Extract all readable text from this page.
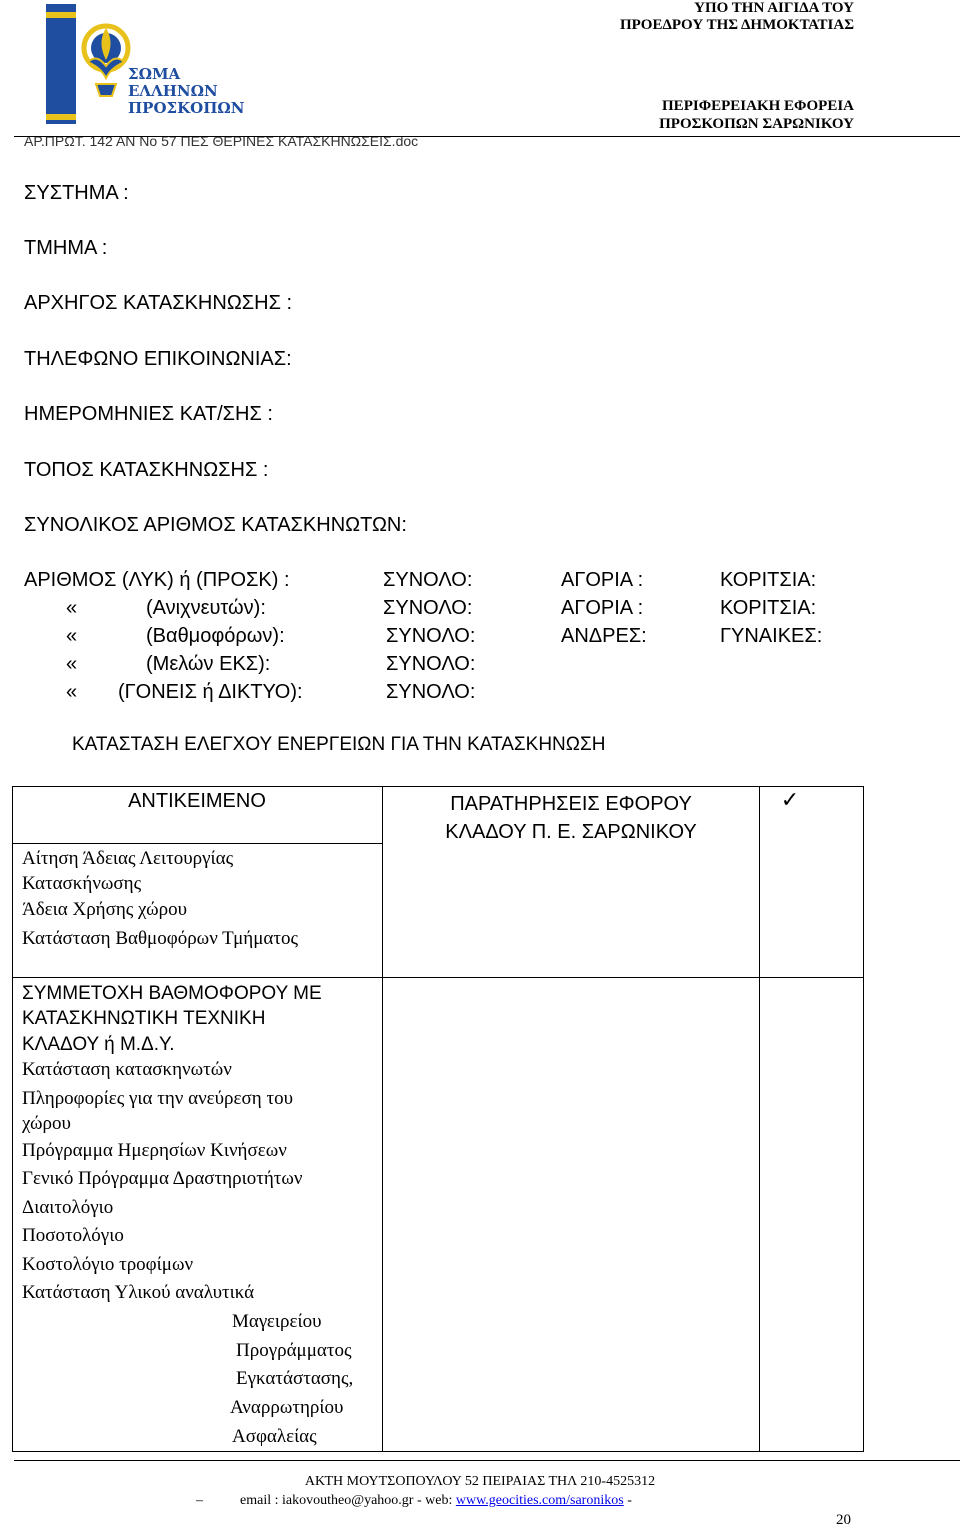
ΣΩΜΑ
ΕΛΛΗΝΩΝ
ΠΡΟΣΚΟΠΩΝ
ΥΠΟ ΤΗΝ ΑΙΓΙΔΑ ΤΟΥ
ΠΡΟΕΔΡΟΥ ΤΗΣ ΔΗΜΟΚΤΑΤΙΑΣ
ΠΕΡΙΦΕΡΕΙΑΚΗ ΕΦΟΡΕΙΑ
ΠΡΟΣΚΟΠΩΝ ΣΑΡΩΝΙΚΟΥ
ΑΡ.ΠΡΩΤ. 142 ΑΝ Νο 57 ΠΕΣ ΘΕΡΙΝΕΣ ΚΑΤΑΣΚΗΝΩΣΕΙΣ.doc
ΣΥΣΤΗΜΑ :
ΤΜΗΜΑ :
ΑΡΧΗΓΟΣ ΚΑΤΑΣΚΗΝΩΣΗΣ :
ΤΗΛΕΦΩΝΟ ΕΠΙΚΟΙΝΩΝΙΑΣ:
ΗΜΕΡΟΜΗΝΙΕΣ ΚΑΤ/ΣΗΣ :
ΤΟΠΟΣ ΚΑΤΑΣΚΗΝΩΣΗΣ :
ΣΥΝΟΛΙΚΟΣ ΑΡΙΘΜΟΣ ΚΑΤΑΣΚΗΝΩΤΩΝ:
ΑΡΙΘΜΟΣ (ΛΥΚ) ή (ΠΡΟΣΚ) :	ΣΥΝΟΛΟ:	ΑΓΟΡΙΑ :	ΚΟΡΙΤΣΙΑ:
«	(Ανιχνευτών):	ΣΥΝΟΛΟ:	ΑΓΟΡΙΑ :	ΚΟΡΙΤΣΙΑ:
«	(Βαθμοφόρων):	ΣΥΝΟΛΟ:	ΑΝΔΡΕΣ:	ΓΥΝΑΙΚΕΣ:
«	(Μελών ΕΚΣ):	ΣΥΝΟΛΟ:
« (ΓΟΝΕΙΣ ή ΔΙΚΤΥΟ):	ΣΥΝΟΛΟ:
ΚΑΤΑΣΤΑΣΗ ΕΛΕΓΧΟΥ ΕΝΕΡΓΕΙΩΝ ΓΙΑ ΤΗΝ ΚΑΤΑΣΚΗΝΩΣΗ
ΑΝΤΙΚΕΙΜΕΝΟ	ΠΑΡΑΤΗΡΗΣΕΙΣ ΕΦΟΡΟΥ
ΚΛΑΔΟΥ Π. Ε. ΣΑΡΩΝΙΚΟΥ
✓
Αίτηση Άδειας Λειτουργίας
Κατασκήνωσης
Άδεια Χρήσης χώρου
Κατάσταση Βαθμοφόρων Τμήματος
ΣΥΜΜΕΤΟΧΗ ΒΑΘΜΟΦΟΡΟΥ ΜΕ
ΚΑΤΑΣΚΗΝΩΤΙΚΗ ΤΕΧΝΙΚΗ
ΚΛΑΔΟΥ ή Μ.Δ.Υ.
Κατάσταση κατασκηνωτών
Πληροφορίες για την ανεύρεση του
χώρου
Πρόγραμμα Ημερησίων Κινήσεων
Γενικό Πρόγραμμα Δραστηριοτήτων
Διαιτολόγιο
Ποσοτολόγιο
Κοστολόγιο τροφίμων
Κατάσταση Υλικού αναλυτικά
Μαγειρείου
Προγράμματος
Εγκατάστασης,
Αναρρωτηρίου
Ασφαλείας
ΑΚΤΗ ΜΟΥΤΣΟΠΟΥΛΟΥ 52 ΠΕΙΡΑΙΑΣ ΤΗΛ 210-4525312
–	email : iakovoutheo@yahoo.gr - web: www.geocities.com/saronikos -
20
